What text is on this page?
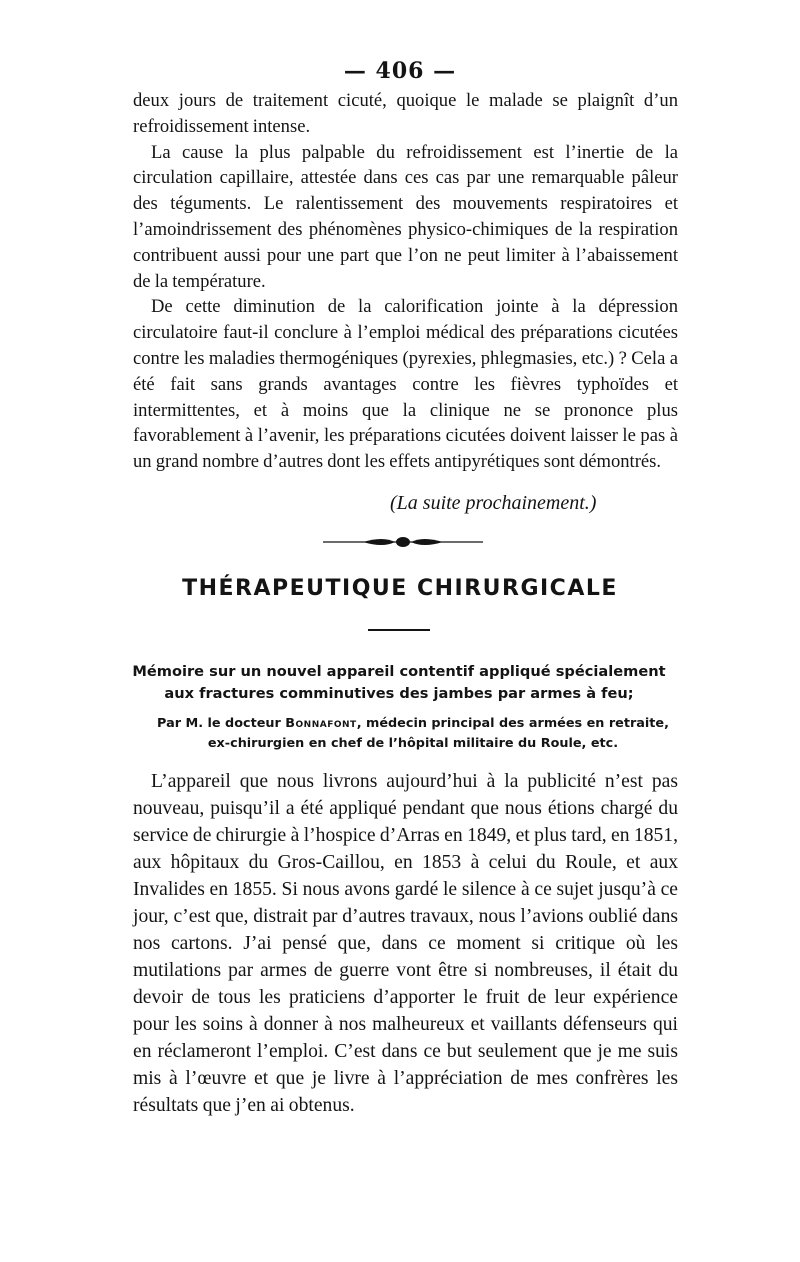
— 406 —

deux jours de traitement cicuté, quoique le malade se plaignît d’un refroidissement intense.

La cause la plus palpable du refroidissement est l’inertie de la circulation capillaire, attestée dans ces cas par une remarquable pâleur des téguments. Le ralentissement des mouvements respiratoires et l’amoindrissement des phénomènes physico-chimiques de la respiration contribuent aussi pour une part que l’on ne peut limiter à l’abaissement de la température.

De cette diminution de la calorification jointe à la dépression circulatoire faut-il conclure à l’emploi médical des préparations cicutées contre les maladies thermogéniques (pyrexies, phlegmasies, etc.) ? Cela a été fait sans grands avantages contre les fièvres typhoïdes et intermittentes, et à moins que la clinique ne se prononce plus favorablement à l’avenir, les préparations cicutées doivent laisser le pas à un grand nombre d’autres dont les effets antipyrétiques sont démontrés.

(La suite prochainement.)
THÉRAPEUTIQUE CHIRURGICALE
Mémoire sur un nouvel appareil contentif appliqué spécialement
aux fractures comminutives des jambes par armes à feu;
Par M. le docteur Bonnafont, médecin principal des armées en retraite,
ex-chirurgien en chef de l’hôpital militaire du Roule, etc.

L’appareil que nous livrons aujourd’hui à la publicité n’est pas nouveau, puisqu’il a été appliqué pendant que nous étions chargé du service de chirurgie à l’hospice d’Arras en 1849, et plus tard, en 1851, aux hôpitaux du Gros-Caillou, en 1853 à celui du Roule, et aux Invalides en 1855. Si nous avons gardé le silence à ce sujet jusqu’à ce jour, c’est que, distrait par d’autres travaux, nous l’avions oublié dans nos cartons. J’ai pensé que, dans ce moment si critique où les mutilations par armes de guerre vont être si nombreuses, il était du devoir de tous les praticiens d’apporter le fruit de leur expérience pour les soins à donner à nos malheureux et vaillants défenseurs qui en réclameront l’emploi. C’est dans ce but seulement que je me suis mis à l’œuvre et que je livre à l’appréciation de mes confrères les résultats que j’en ai obtenus.
